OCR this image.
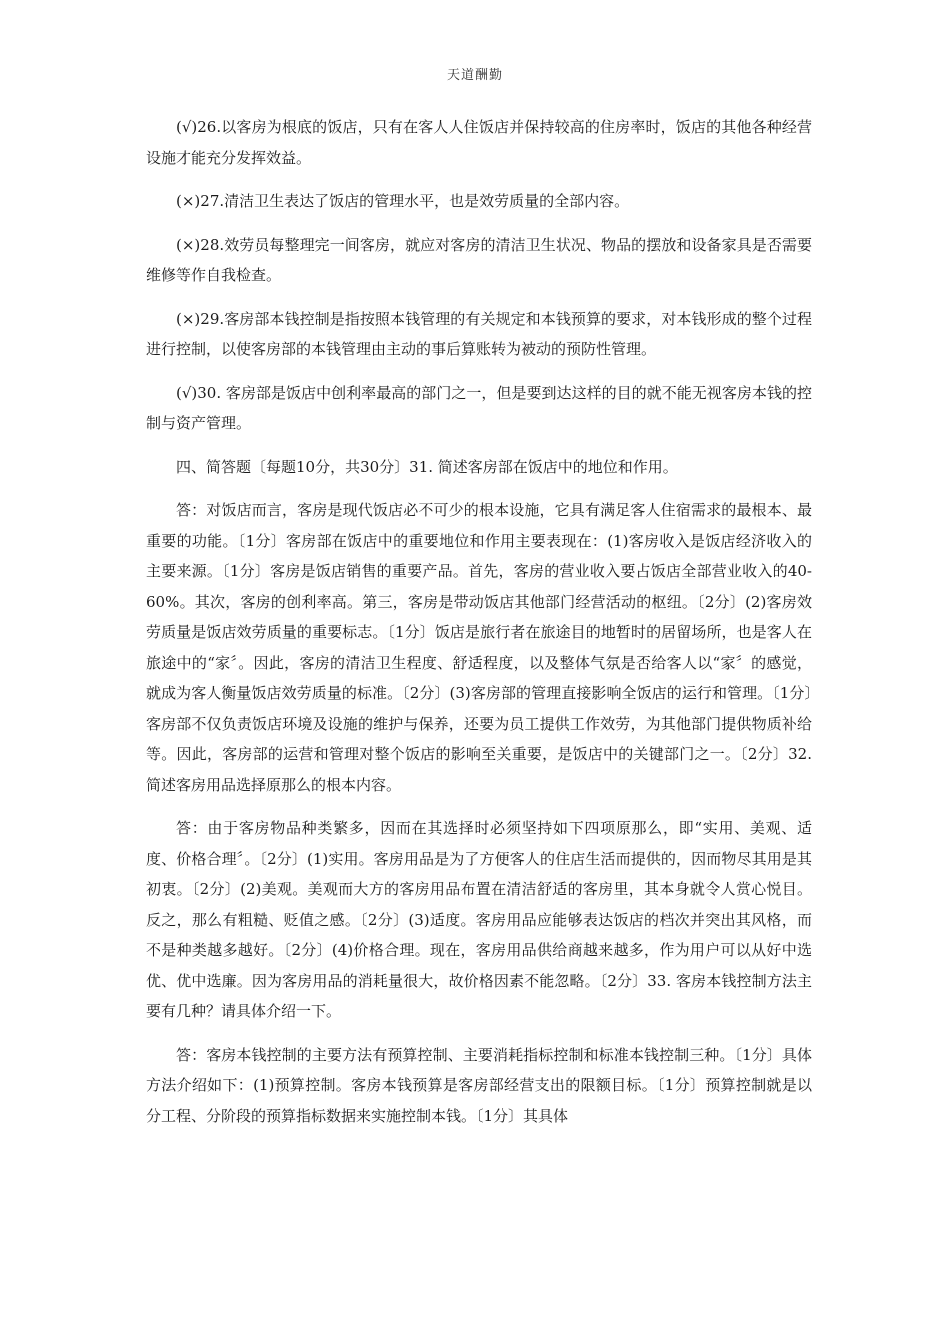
天道酬勤

(√)26.以客房为根底的饭店，只有在客人人住饭店并保持较高的住房率时，饭店的其他各种经营设施才能充分发挥效益。

(×)27.清洁卫生表达了饭店的管理水平，也是效劳质量的全部内容。

(×)28.效劳员每整理完一间客房，就应对客房的清洁卫生状况、物品的摆放和设备家具是否需要维修等作自我检查。

(×)29.客房部本钱控制是指按照本钱管理的有关规定和本钱预算的要求，对本钱形成的整个过程进行控制，以使客房部的本钱管理由主动的事后算账转为被动的预防性管理。

(√)30. 客房部是饭店中创利率最高的部门之一，但是要到达这样的目的就不能无视客房本钱的控制与资产管理。

四、简答题〔每题10分，共30分〕31. 简述客房部在饭店中的地位和作用。

答：对饭店而言，客房是现代饭店必不可少的根本设施，它具有满足客人住宿需求的最根本、最重要的功能。〔1分〕客房部在饭店中的重要地位和作用主要表现在：(1)客房收入是饭店经济收入的主要来源。〔1分〕客房是饭店销售的重要产品。首先，客房的营业收入要占饭店全部营业收入的40-60%。其次，客房的创利率高。第三，客房是带动饭店其他部门经营活动的枢纽。〔2分〕(2)客房效劳质量是饭店效劳质量的重要标志。〔1分〕饭店是旅行者在旅途目的地暂时的居留场所，也是客人在旅途中的“家〞。因此，客房的清洁卫生程度、舒适程度，以及整体气氛是否给客人以“家〞的感觉，就成为客人衡量饭店效劳质量的标准。〔2分〕(3)客房部的管理直接影响全饭店的运行和管理。〔1分〕客房部不仅负责饭店环境及设施的维护与保养，还要为员工提供工作效劳，为其他部门提供物质补给等。因此，客房部的运营和管理对整个饭店的影响至关重要，是饭店中的关键部门之一。〔2分〕32.简述客房用品选择原那么的根本内容。

答：由于客房物品种类繁多，因而在其选择时必须坚持如下四项原那么，即“实用、美观、适度、价格合理〞。〔2分〕(1)实用。客房用品是为了方便客人的住店生活而提供的，因而物尽其用是其初衷。〔2分〕(2)美观。美观而大方的客房用品布置在清洁舒适的客房里，其本身就令人赏心悦目。反之，那么有粗糙、贬值之感。〔2分〕(3)适度。客房用品应能够表达饭店的档次并突出其风格，而不是种类越多越好。〔2分〕(4)价格合理。现在，客房用品供给商越来越多，作为用户可以从好中选优、优中选廉。因为客房用品的消耗量很大，故价格因素不能忽略。〔2分〕33. 客房本钱控制方法主要有几种？请具体介绍一下。

答：客房本钱控制的主要方法有预算控制、主要消耗指标控制和标准本钱控制三种。〔1分〕具体方法介绍如下：(1)预算控制。客房本钱预算是客房部经营支出的限额目标。〔1分〕预算控制就是以分工程、分阶段的预算指标数据来实施控制本钱。〔1分〕其具体
